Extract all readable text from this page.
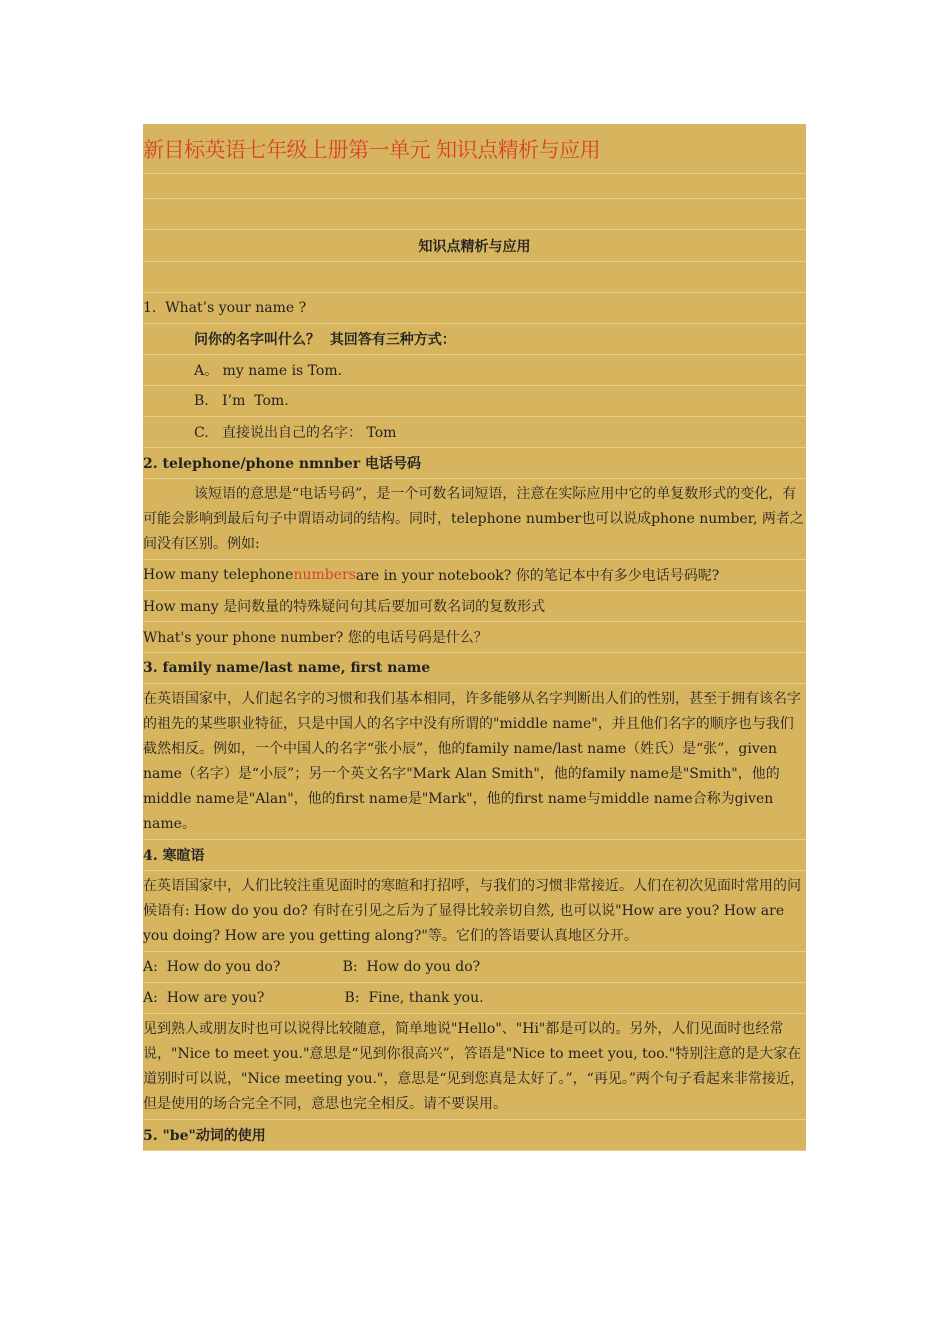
新目标英语七年级上册第一单元 知识点精析与应用
知识点精析与应用
1.  What’s your name ?
问你的名字叫什么？  其回答有三种方式：
A。 my name is Tom.
B.   I’m  Tom.
C.   直接说出自己的名字： Tom
2. telephone/phone nmnber 电话号码
该短语的意思是“电话号码”，是一个可数名词短语，注意在实际应用中它的单复数形式的变化，有可能会影响到最后句子中谓语动词的结构。同时，telephone number也可以说成phone number, 两者之间没有区别。例如:
How many telephone numbers are in your notebook? 你的笔记本中有多少电话号码呢?
How many 是问数量的特殊疑问句其后要加可数名词的复数形式
What's your phone number? 您的电话号码是什么？
3. family name/last name, first name
在英语国家中，人们起名字的习惯和我们基本相同，许多能够从名字判断出人们的性别，甚至于拥有该名字的祖先的某些职业特征，只是中国人的名字中没有所谓的"middle name"，并且他们名字的顺序也与我们截然相反。例如，一个中国人的名字“张小辰”，他的family name/last name（姓氏）是“张”，given name（名字）是“小辰”；另一个英文名字"Mark Alan Smith"，他的family name是"Smith"，他的middle name是"Alan"，他的first name是"Mark"，他的first name与middle name合称为given name。
4. 寒暄语
在英语国家中，人们比较注重见面时的寒暄和打招呼，与我们的习惯非常接近。人们在初次见面时常用的问候语有: How do you do? 有时在引见之后为了显得比较亲切自然, 也可以说"How are you? How are you doing? How are you getting along?"等。它们的答语要认真地区分开。
A:  How do you do?              B:  How do you do?
A:  How are you?                  B:  Fine, thank you.
见到熟人或朋友时也可以说得比较随意，简单地说"Hello"、"Hi"都是可以的。另外，人们见面时也经常说，"Nice to meet you."意思是“见到你很高兴”，答语是"Nice to meet you, too."特别注意的是大家在道别时可以说，"Nice meeting you."，意思是“见到您真是太好了。”，“再见。”两个句子看起来非常接近，但是使用的场合完全不同，意思也完全相反。请不要误用。
5. "be"动词的使用
